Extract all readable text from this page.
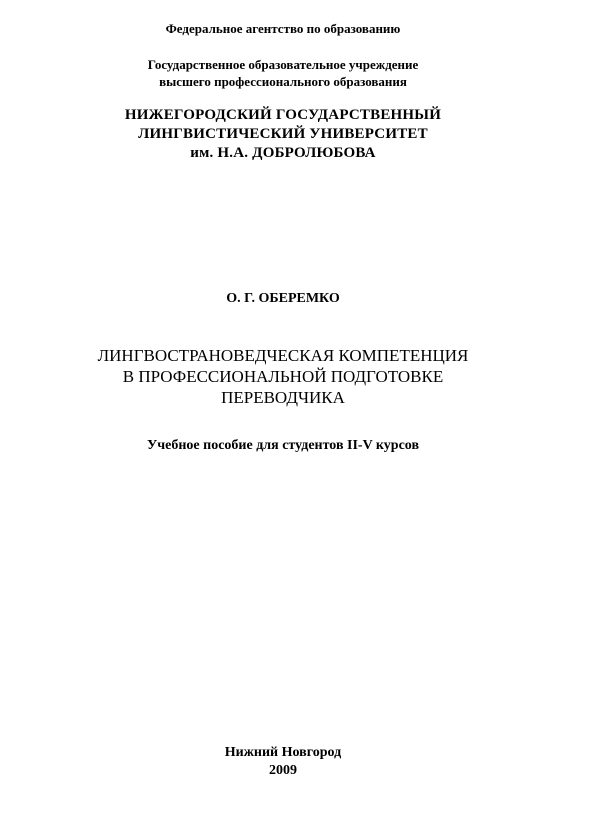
Федеральное агентство по образованию
Государственное образовательное учреждение
высшего профессионального образования
НИЖЕГОРОДСКИЙ ГОСУДАРСТВЕННЫЙ
ЛИНГВИСТИЧЕСКИЙ УНИВЕРСИТЕТ
им. Н.А. ДОБРОЛЮБОВА
О. Г. ОБЕРЕМКО
ЛИНГВОСТРАНОВЕДЧЕСКАЯ КОМПЕТЕНЦИЯ
В ПРОФЕССИОНАЛЬНОЙ ПОДГОТОВКЕ
ПЕРЕВОДЧИКА
Учебное пособие для студентов II-V курсов
Нижний Новгород
2009
